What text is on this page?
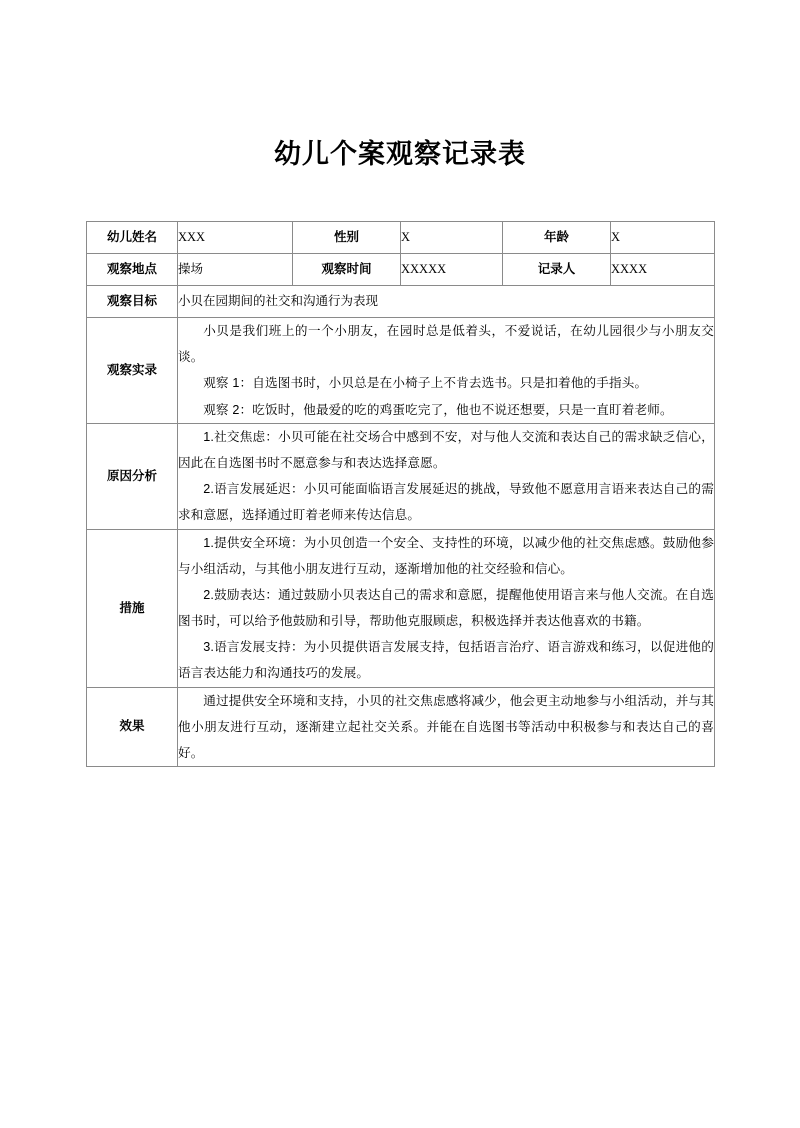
幼儿个案观察记录表
幼儿姓名	XXX	性别	X	年龄	X
观察地点	操场	观察时间	XXXXX	记录人	XXXX
观察目标	小贝在园期间的社交和沟通行为表现				
观察实录	小贝是我们班上的一个小朋友，在园时总是低着头，不爱说话，在幼儿园很少与小朋友交谈。

观察 1：自选图书时，小贝总是在小椅子上不肯去选书。只是扣着他的手指头。

观察 2：吃饭时，他最爱的吃的鸡蛋吃完了，他也不说还想要，只是一直盯着老师。				

原因分析	1.社交焦虑：小贝可能在社交场合中感到不安，对与他人交流和表达自己的需求缺乏信心，因此在自选图书时不愿意参与和表达选择意愿。

2.语言发展延迟：小贝可能面临语言发展延迟的挑战，导致他不愿意用言语来表达自己的需求和意愿，选择通过盯着老师来传达信息。				

措施	1.提供安全环境：为小贝创造一个安全、支持性的环境，以减少他的社交焦虑感。鼓励他参与小组活动，与其他小朋友进行互动，逐渐增加他的社交经验和信心。

2.鼓励表达：通过鼓励小贝表达自己的需求和意愿，提醒他使用语言来与他人交流。在自选图书时，可以给予他鼓励和引导，帮助他克服顾虑，积极选择并表达他喜欢的书籍。

3.语言发展支持：为小贝提供语言发展支持，包括语言治疗、语言游戏和练习，以促进他的语言表达能力和沟通技巧的发展。				

效果	通过提供安全环境和支持，小贝的社交焦虑感将减少，他会更主动地参与小组活动，并与其他小朋友进行互动，逐渐建立起社交关系。并能在自选图书等活动中积极参与和表达自己的喜好。				
